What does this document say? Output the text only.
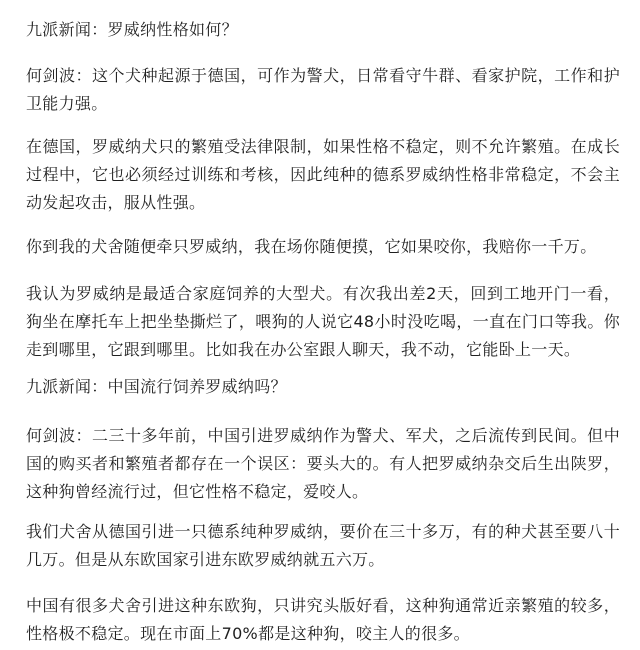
九派新闻：罗威纳性格如何？

何剑波：这个犬种起源于德国，可作为警犬，日常看守牛群、看家护院，工作和护卫能力强。

在德国，罗威纳犬只的繁殖受法律限制，如果性格不稳定，则不允许繁殖。在成长过程中，它也必须经过训练和考核，因此纯种的德系罗威纳性格非常稳定，不会主动发起攻击，服从性强。

你到我的犬舍随便牵只罗威纳，我在场你随便摸，它如果咬你，我赔你一千万。

我认为罗威纳是最适合家庭饲养的大型犬。有次我出差2天，回到工地开门一看，狗坐在摩托车上把坐垫撕烂了，喂狗的人说它48小时没吃喝，一直在门口等我。你走到哪里，它跟到哪里。比如我在办公室跟人聊天，我不动，它能卧上一天。

九派新闻：中国流行饲养罗威纳吗？

何剑波：二三十多年前，中国引进罗威纳作为警犬、军犬，之后流传到民间。但中国的购买者和繁殖者都存在一个误区：要头大的。有人把罗威纳杂交后生出陕罗，这种狗曾经流行过，但它性格不稳定，爱咬人。

我们犬舍从德国引进一只德系纯种罗威纳，要价在三十多万，有的种犬甚至要八十几万。但是从东欧国家引进东欧罗威纳就五六万。

中国有很多犬舍引进这种东欧狗，只讲究头版好看，这种狗通常近亲繁殖的较多，性格极不稳定。现在市面上70%都是这种狗，咬主人的很多。
